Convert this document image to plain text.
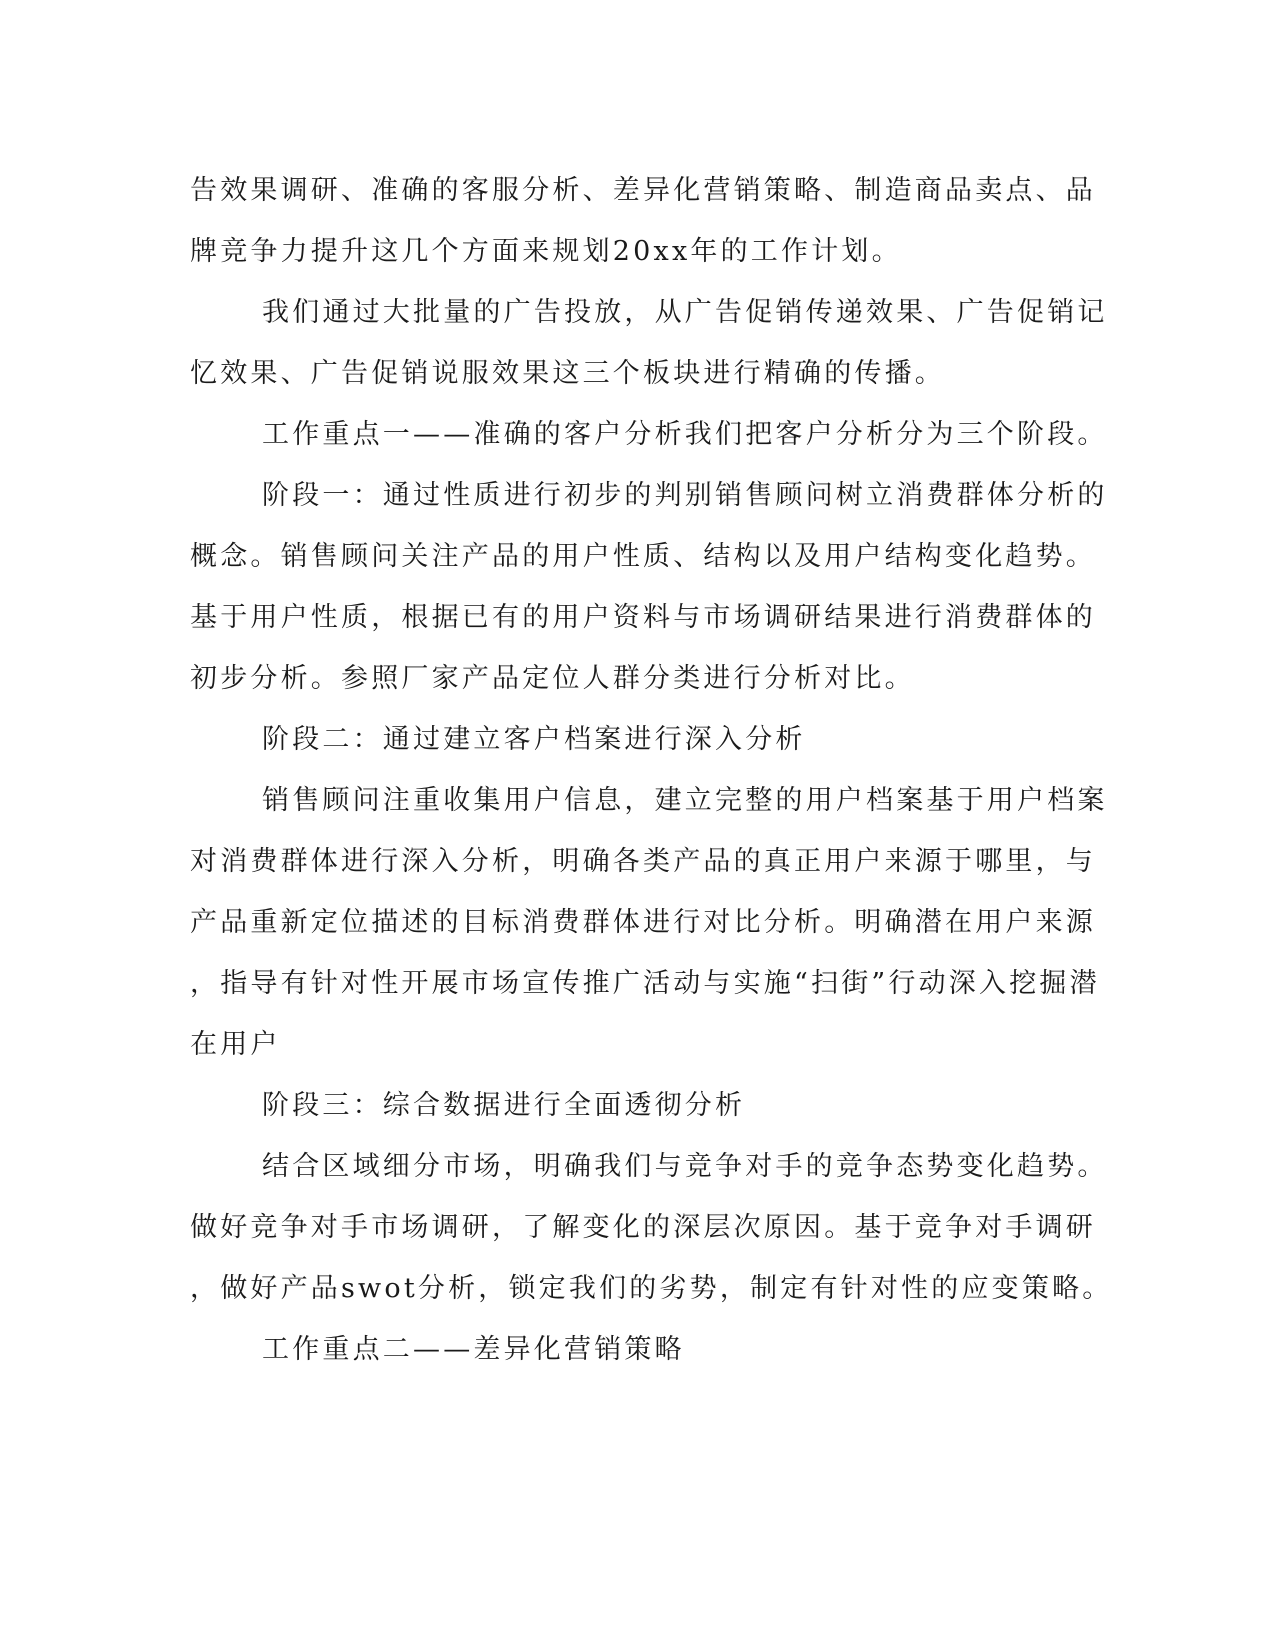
告效果调研、准确的客服分析、差异化营销策略、制造商品卖点、品
牌竞争力提升这几个方面来规划20xx年的工作计划。
我们通过大批量的广告投放，从广告促销传递效果、广告促销记
忆效果、广告促销说服效果这三个板块进行精确的传播。
工作重点一——准确的客户分析我们把客户分析分为三个阶段。
阶段一：通过性质进行初步的判别销售顾问树立消费群体分析的
概念。销售顾问关注产品的用户性质、结构以及用户结构变化趋势。
基于用户性质，根据已有的用户资料与市场调研结果进行消费群体的
初步分析。参照厂家产品定位人群分类进行分析对比。
阶段二：通过建立客户档案进行深入分析
销售顾问注重收集用户信息，建立完整的用户档案基于用户档案
对消费群体进行深入分析，明确各类产品的真正用户来源于哪里，与
产品重新定位描述的目标消费群体进行对比分析。明确潜在用户来源
，指导有针对性开展市场宣传推广活动与实施“扫街”行动深入挖掘潜
在用户
阶段三：综合数据进行全面透彻分析
结合区域细分市场，明确我们与竞争对手的竞争态势变化趋势。
做好竞争对手市场调研，了解变化的深层次原因。基于竞争对手调研
，做好产品swot分析，锁定我们的劣势，制定有针对性的应变策略。
工作重点二——差异化营销策略
